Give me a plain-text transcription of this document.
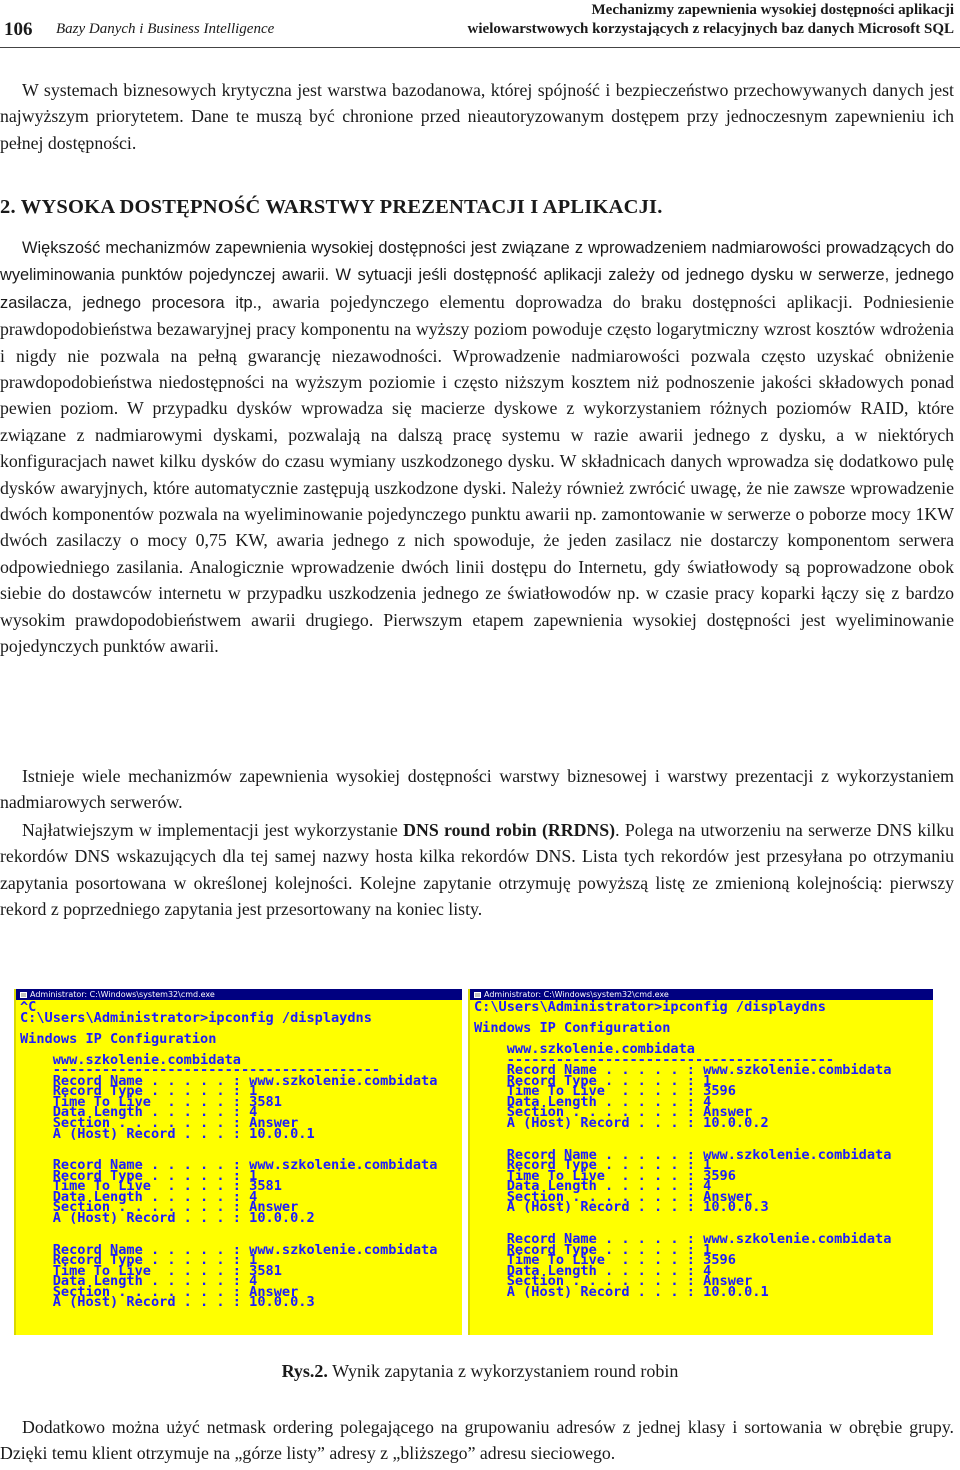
106 Bazy Danych i Business Intelligence
Mechanizmy zapewnienia wysokiej dostępności aplikacji
wielowarstwowych korzystających z relacyjnych baz danych Microsoft SQL

W systemach biznesowych krytyczna jest warstwa bazodanowa, której spójność i bezpieczeństwo przechowywanych danych jest najwyższym priorytetem. Dane te muszą być chronione przed nieautoryzowanym dostępem przy jednoczesnym zapewnieniu ich pełnej dostępności.

2. WYSOKA DOSTĘPNOŚĆ WARSTWY PREZENTACJI I APLIKACJI.

Większość mechanizmów zapewnienia wysokiej dostępności jest związane z wprowadzeniem nadmiarowości prowadzących do wyeliminowania punktów pojedynczej awarii. W sytuacji jeśli dostępność aplikacji zależy od jednego dysku w serwerze, jednego zasilacza, jednego procesora itp., awaria pojedynczego elementu doprowadza do braku dostępności aplikacji. Podniesienie prawdopodobieństwa bezawaryjnej pracy komponentu na wyższy poziom powoduje często logarytmiczny wzrost kosztów wdrożenia i nigdy nie pozwala na pełną gwarancję niezawodności. Wprowadzenie nadmiarowości pozwala często uzyskać obniżenie prawdopodobieństwa niedostępności na wyższym poziomie i często niższym kosztem niż podnoszenie jakości składowych ponad pewien poziom. W przypadku dysków wprowadza się macierze dyskowe z wykorzystaniem różnych poziomów RAID, które związane z nadmiarowymi dyskami, pozwalają na dalszą pracę systemu w razie awarii jednego z dysku, a w niektórych konfiguracjach nawet kilku dysków do czasu wymiany uszkodzonego dysku. W składnicach danych wprowadza się dodatkowo pulę dysków awaryjnych, które automatycznie zastępują uszkodzone dyski. Należy również zwrócić uwagę, że nie zawsze wprowadzenie dwóch komponentów pozwala na wyeliminowanie pojedynczego punktu awarii np. zamontowanie w serwerze o poborze mocy 1KW dwóch zasilaczy o mocy 0,75 KW, awaria jednego z nich spowoduje, że jeden zasilacz nie dostarczy komponentom serwera odpowiedniego zasilania. Analogicznie wprowadzenie dwóch linii dostępu do Internetu, gdy światłowody są poprowadzone obok siebie do dostawców internetu w przypadku uszkodzenia jednego ze światłowodów np. w czasie pracy koparki łączy się z bardzo wysokim prawdopodobieństwem awarii drugiego. Pierwszym etapem zapewnienia wysokiej dostępności jest wyeliminowanie pojedynczych punktów awarii.

Istnieje wiele mechanizmów zapewnienia wysokiej dostępności warstwy biznesowej i warstwy prezentacji z wykorzystaniem nadmiarowych serwerów.

Najłatwiejszym w implementacji jest wykorzystanie DNS round robin (RRDNS). Polega na utworzeniu na serwerze DNS kilku rekordów DNS wskazujących dla tej samej nazwy hosta kilka rekordów DNS. Lista tych rekordów jest przesyłana po otrzymaniu zapytania posortowana w określonej kolejności. Kolejne zapytanie otrzymuję powyższą listę ze zmienioną kolejnością: pierwszy rekord z poprzedniego zapytania jest przesortowany na koniec listy.

Administrator: C:\Windows\system32\cmd.exe
^C
C:\Users\Administrator>ipconfig /displaydns

Windows IP Configuration

www.szkolenie.combidata
----------------------------------------
Record Name . . . . . : www.szkolenie.combidata
Record Type . . . . . : 1
Time To Live  . . . . : 3581
Data Length . . . . . : 4
Section . . . . . . . : Answer
A (Host) Record . . . : 10.0.0.1

Record Name . . . . . : www.szkolenie.combidata
Record Type . . . . . : 1
Time To Live  . . . . : 3581
Data Length . . . . . : 4
Section . . . . . . . : Answer
A (Host) Record . . . : 10.0.0.2

Record Name . . . . . : www.szkolenie.combidata
Record Type . . . . . : 1
Time To Live  . . . . : 3581
Data Length . . . . . : 4
Section . . . . . . . : Answer
A (Host) Record . . . : 10.0.0.3
Administrator: C:\Windows\system32\cmd.exe
C:\Users\Administrator>ipconfig /displaydns

Windows IP Configuration

www.szkolenie.combidata
----------------------------------------
Record Name . . . . . : www.szkolenie.combidata
Record Type . . . . . : 1
Time To Live  . . . . : 3596
Data Length . . . . . : 4
Section . . . . . . . : Answer
A (Host) Record . . . : 10.0.0.2

Record Name . . . . . : www.szkolenie.combidata
Record Type . . . . . : 1
Time To Live  . . . . : 3596
Data Length . . . . . : 4
Section . . . . . . . : Answer
A (Host) Record . . . : 10.0.0.3

Record Name . . . . . : www.szkolenie.combidata
Record Type . . . . . : 1
Time To Live  . . . . : 3596
Data Length . . . . . : 4
Section . . . . . . . : Answer
A (Host) Record . . . : 10.0.0.1

Rys.2. Wynik zapytania z wykorzystaniem round robin

Dodatkowo można użyć netmask ordering polegającego na grupowaniu adresów z jednej klasy i sortowania w obrębie grupy. Dzięki temu klient otrzymuje na „górze listy” adresy z „bliższego” adresu sieciowego.
